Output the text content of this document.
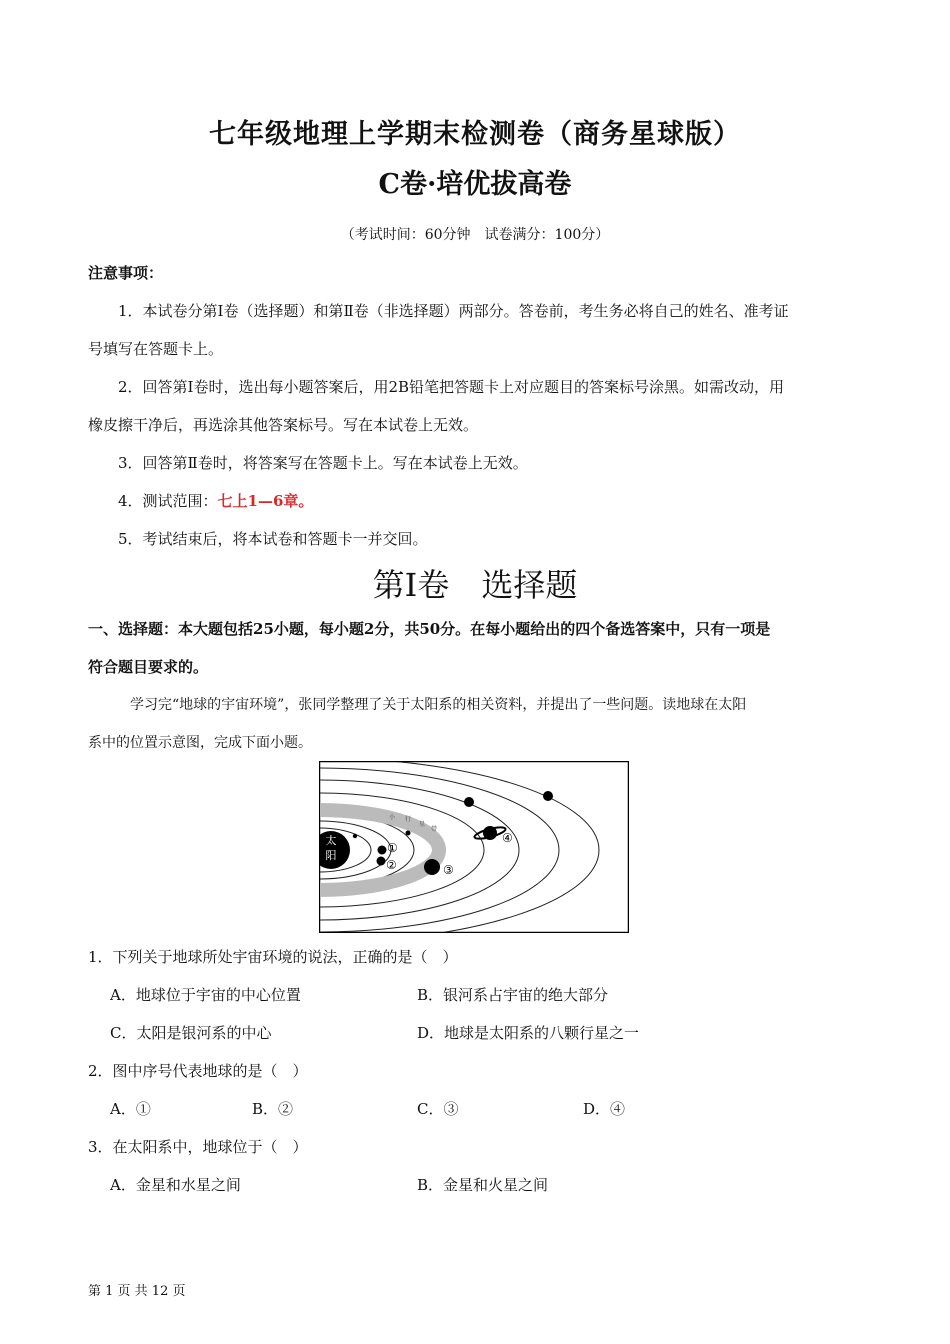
七年级地理上学期末检测卷（商务星球版）
C卷·培优拔高卷
（考试时间：60分钟　试卷满分：100分）
注意事项：
1．本试卷分第Ⅰ卷（选择题）和第Ⅱ卷（非选择题）两部分。答卷前，考生务必将自己的姓名、准考证
号填写在答题卡上。
2．回答第Ⅰ卷时，选出每小题答案后，用2B铅笔把答题卡上对应题目的答案标号涂黑。如需改动，用
橡皮擦干净后，再选涂其他答案标号。写在本试卷上无效。
3．回答第Ⅱ卷时，将答案写在答题卡上。写在本试卷上无效。
4．测试范围：七上1—6章。
5．考试结束后，将本试卷和答题卡一并交回。
第Ⅰ卷　选择题
一、选择题：本大题包括25小题，每小题2分，共50分。在每小题给出的四个备选答案中，只有一项是
符合题目要求的。
学习完“地球的宇宙环境”，张同学整理了关于太阳系的相关资料，并提出了一些问题。读地球在太阳
系中的位置示意图，完成下面小题。
太
阳
小 行
星
带
①
②	③
④
1．下列关于地球所处宇宙环境的说法，正确的是（　）
A．地球位于宇宙的中心位置	B．银河系占宇宙的绝大部分
C．太阳是银河系的中心	D．地球是太阳系的八颗行星之一
2．图中序号代表地球的是（　）
A．①	B．②	C．③	D．④
3．在太阳系中，地球位于（　）
A．金星和水星之间	B．金星和火星之间
第 1 页 共 12 页
